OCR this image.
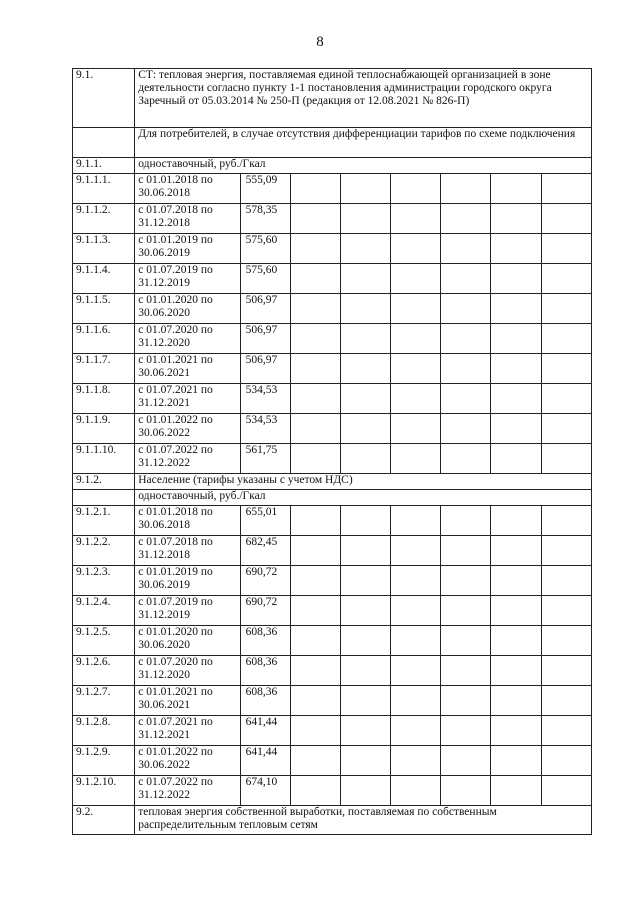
8
9.1.	СТ: тепловая энергия, поставляемая единой теплоснабжающей организацией в зоне деятельности согласно пункту 1-1 постановления администрации городского округа Заречный от 05.03.2014 № 250-П (редакция от 12.08.2021 № 826-П)							
	Для потребителей, в случае отсутствия дифференциации тарифов по схеме подключения							
9.1.1.	одноставочный, руб./Гкал							
9.1.1.1.	с 01.01.2018 по 30.06.2018	555,09						
9.1.1.2.	с 01.07.2018 по 31.12.2018	578,35						
9.1.1.3.	с 01.01.2019 по 30.06.2019	575,60						
9.1.1.4.	с 01.07.2019 по 31.12.2019	575,60						
9.1.1.5.	с 01.01.2020 по 30.06.2020	506,97						
9.1.1.6.	с 01.07.2020 по 31.12.2020	506,97						
9.1.1.7.	с 01.01.2021 по 30.06.2021	506,97						
9.1.1.8.	с 01.07.2021 по 31.12.2021	534,53						
9.1.1.9.	с 01.01.2022 по 30.06.2022	534,53						
9.1.1.10.	с 01.07.2022 по 31.12.2022	561,75						
9.1.2.	Население (тарифы указаны с учетом НДС)							
	одноставочный, руб./Гкал							
9.1.2.1.	с 01.01.2018 по 30.06.2018	655,01						
9.1.2.2.	с 01.07.2018 по 31.12.2018	682,45						
9.1.2.3.	с 01.01.2019 по 30.06.2019	690,72						
9.1.2.4.	с 01.07.2019 по 31.12.2019	690,72						
9.1.2.5.	с 01.01.2020 по 30.06.2020	608,36						
9.1.2.6.	с 01.07.2020 по 31.12.2020	608,36						
9.1.2.7.	с 01.01.2021 по 30.06.2021	608,36						
9.1.2.8.	с 01.07.2021 по 31.12.2021	641,44						
9.1.2.9.	с 01.01.2022 по 30.06.2022	641,44						
9.1.2.10.	с 01.07.2022 по 31.12.2022	674,10						
9.2.	тепловая энергия собственной выработки, поставляемая по собственным распределительным тепловым сетям							
